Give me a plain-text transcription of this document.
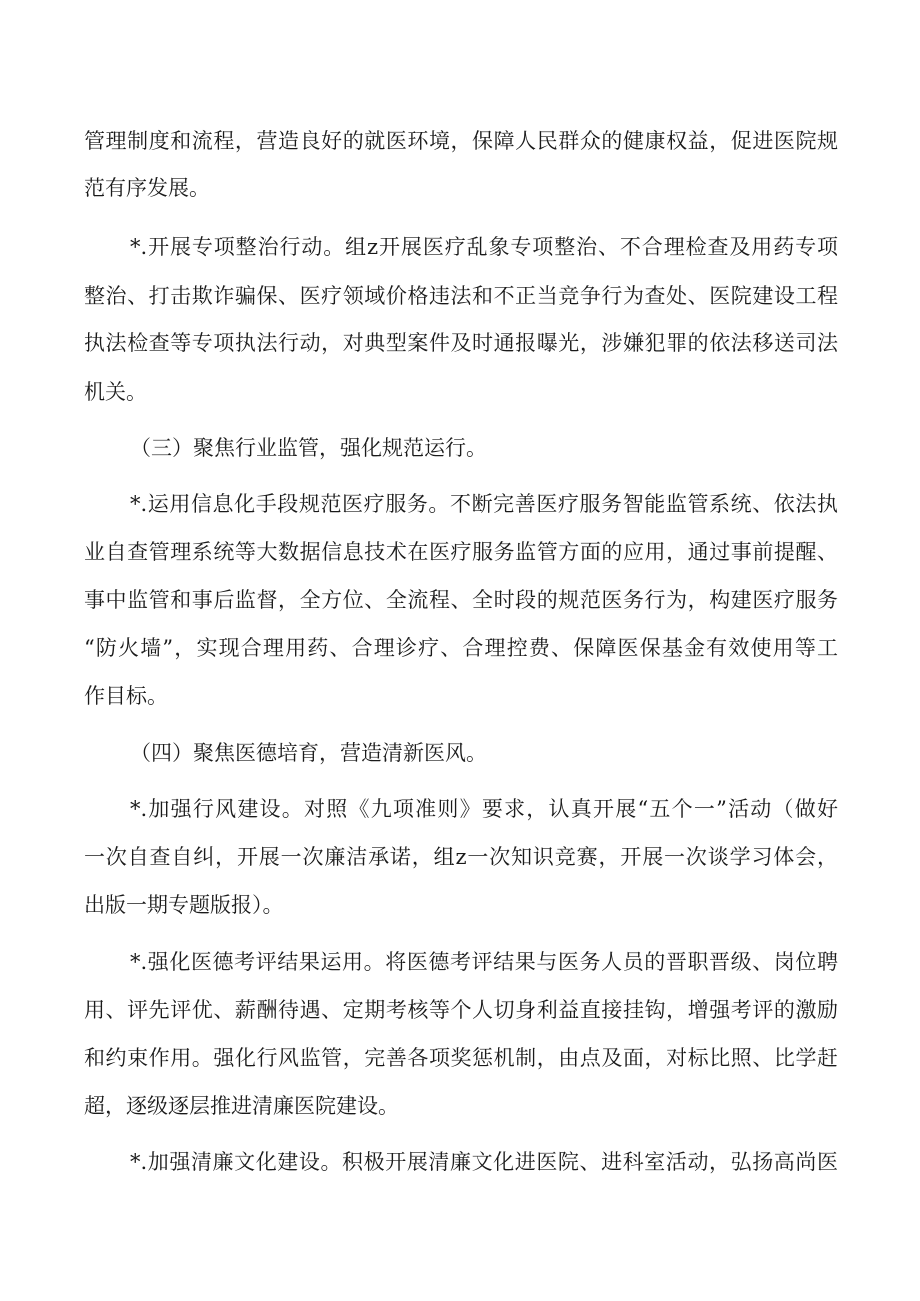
管理制度和流程，营造良好的就医环境，保障人民群众的健康权益，促进医院规
范有序发展。
*.开展专项整治行动。组z开展医疗乱象专项整治、不合理检查及用药专项
整治、打击欺诈骗保、医疗领域价格违法和不正当竞争行为查处、医院建设工程
执法检查等专项执法行动，对典型案件及时通报曝光，涉嫌犯罪的依法移送司法
机关。
（三）聚焦行业监管，强化规范运行。
*.运用信息化手段规范医疗服务。不断完善医疗服务智能监管系统、依法执
业自查管理系统等大数据信息技术在医疗服务监管方面的应用，通过事前提醒、
事中监管和事后监督，全方位、全流程、全时段的规范医务行为，构建医疗服务
“防火墙”，实现合理用药、合理诊疗、合理控费、保障医保基金有效使用等工
作目标。
（四）聚焦医德培育，营造清新医风。
*.加强行风建设。对照《九项准则》要求，认真开展“五个一”活动（做好
一次自查自纠，开展一次廉洁承诺，组z一次知识竞赛，开展一次谈学习体会，
出版一期专题版报）。
*.强化医德考评结果运用。将医德考评结果与医务人员的晋职晋级、岗位聘
用、评先评优、薪酬待遇、定期考核等个人切身利益直接挂钩，增强考评的激励
和约束作用。强化行风监管，完善各项奖惩机制，由点及面，对标比照、比学赶
超，逐级逐层推进清廉医院建设。
*.加强清廉文化建设。积极开展清廉文化进医院、进科室活动，弘扬高尚医
